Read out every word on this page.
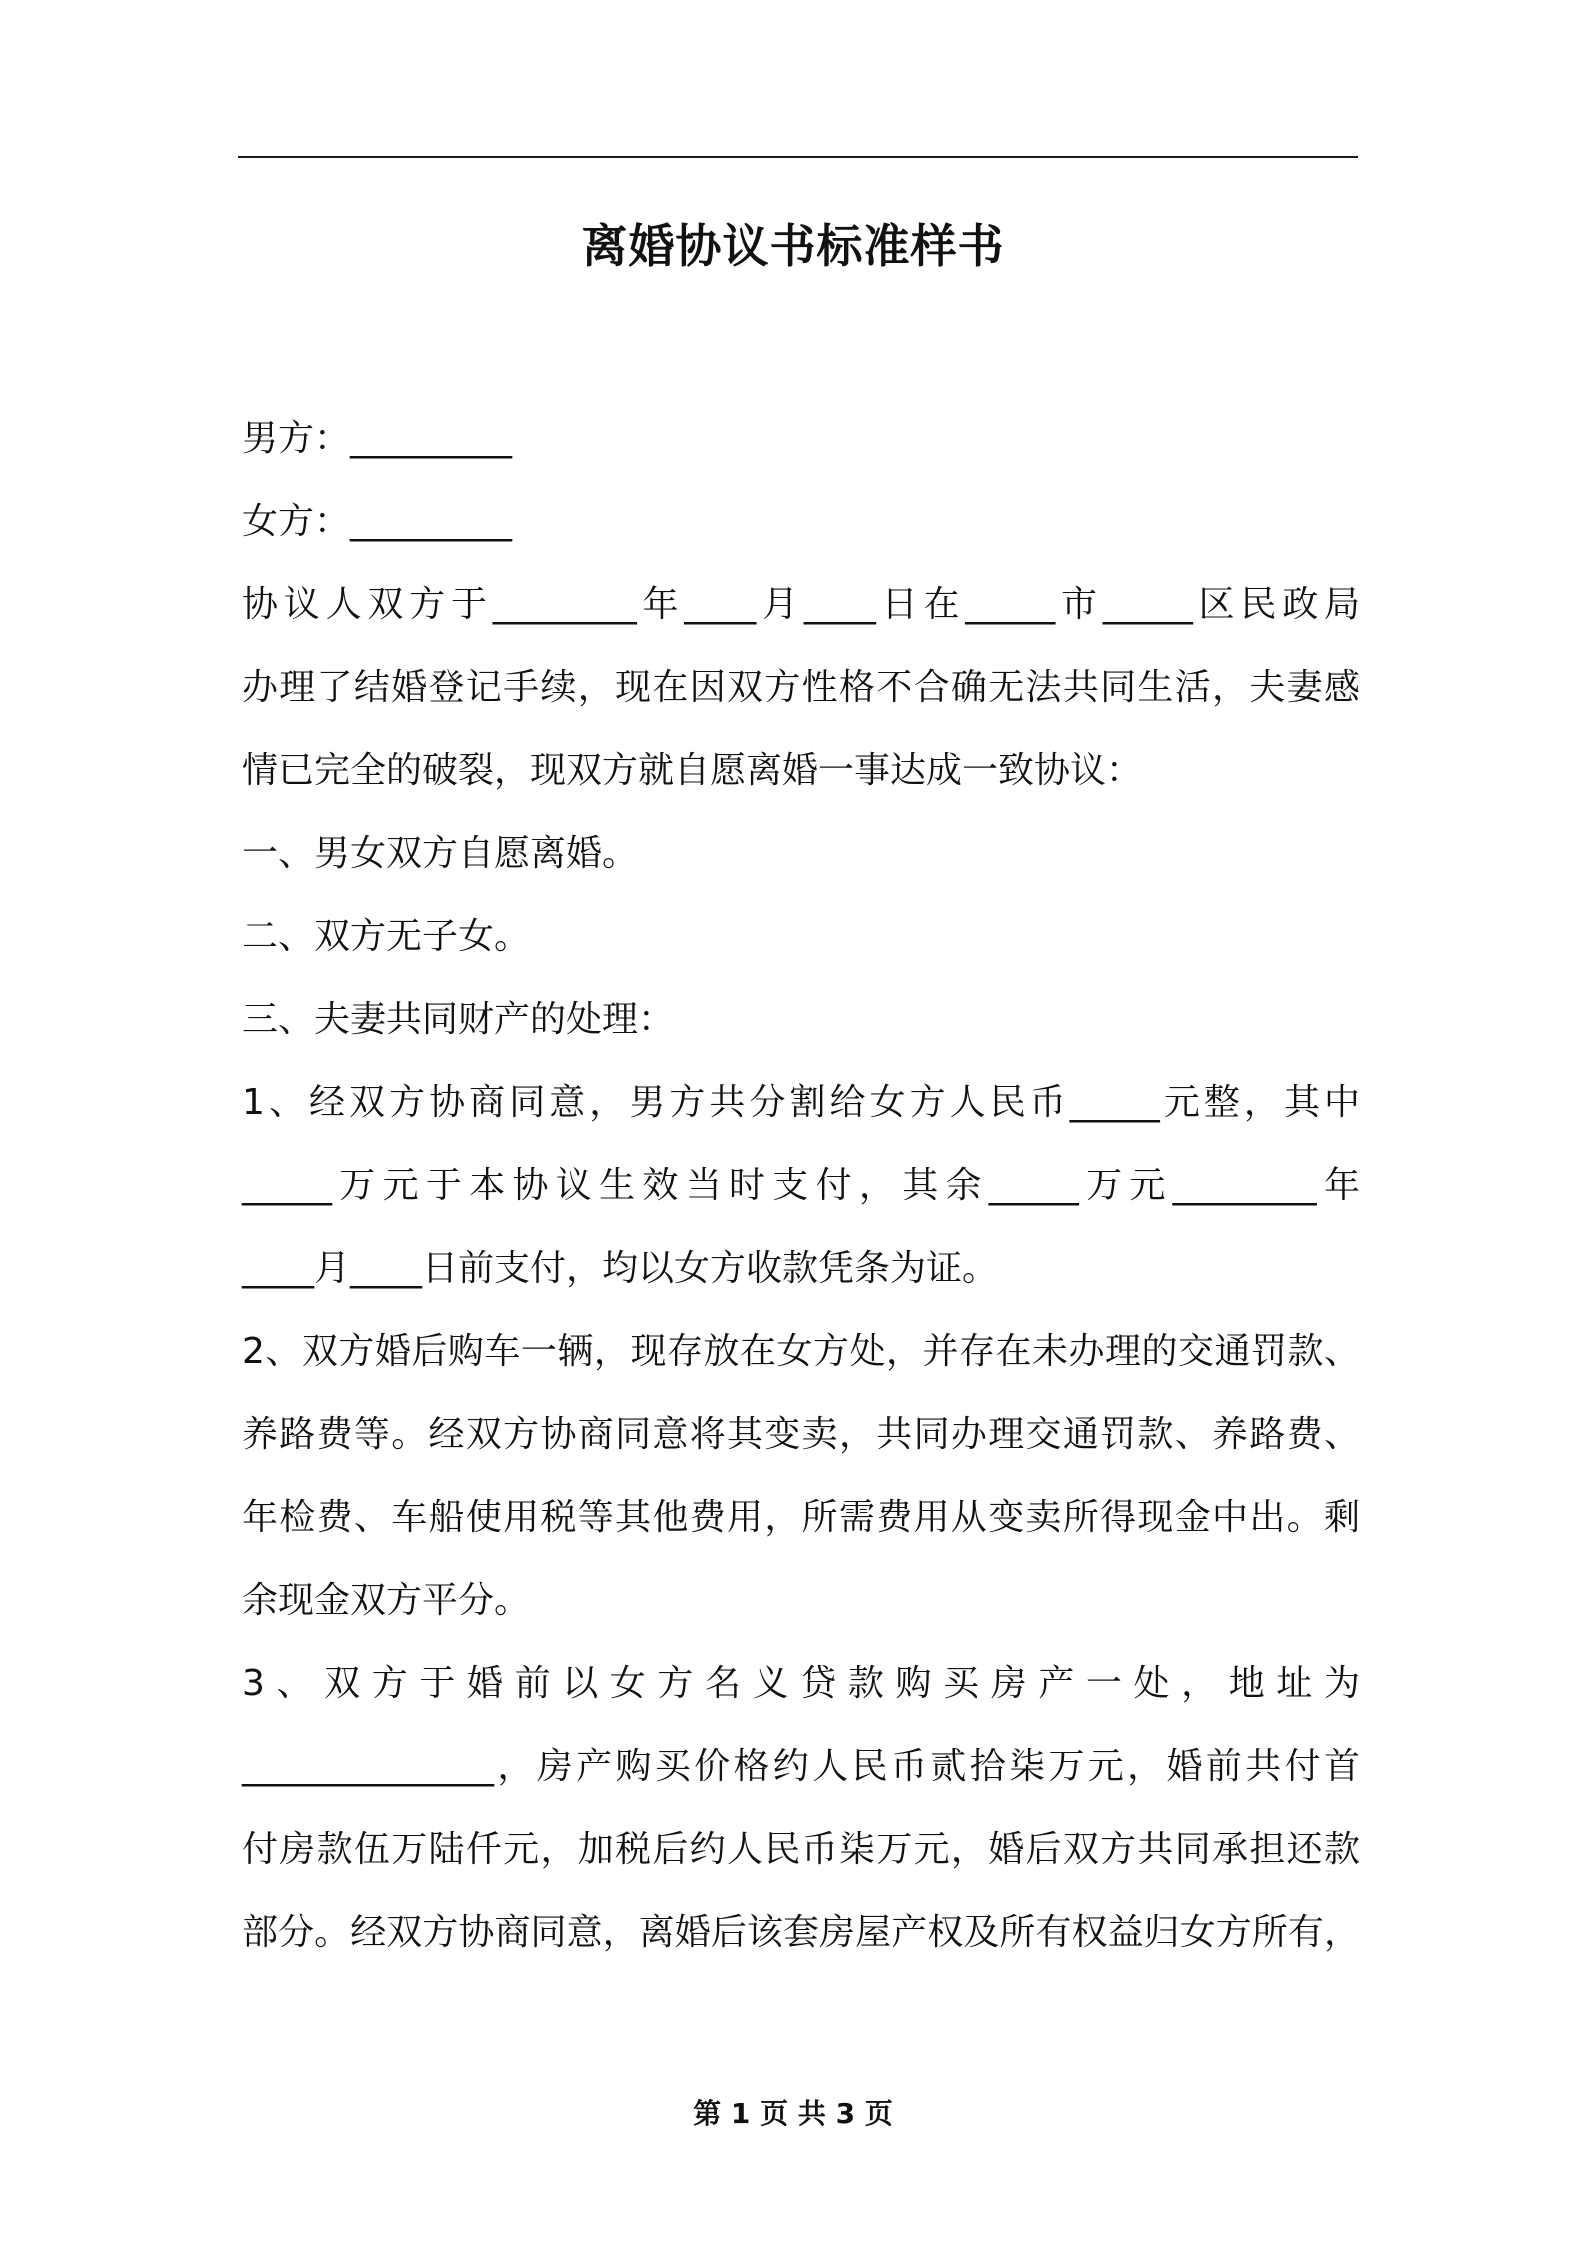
离婚协议书标准样书
男方：_________
女方：_________
协议人双方于________年____月____日在_____市_____区民政局
办理了结婚登记手续，现在因双方性格不合确无法共同生活，夫妻感
情已完全的破裂，现双方就自愿离婚一事达成一致协议：
一、男女双方自愿离婚。
二、双方无子女。
三、夫妻共同财产的处理：
1、经双方协商同意，男方共分割给女方人民币_____元整，其中
_____万元于本协议生效当时支付，其余_____万元________年
____月____日前支付，均以女方收款凭条为证。
2、双方婚后购车一辆，现存放在女方处，并存在未办理的交通罚款、
养路费等。经双方协商同意将其变卖，共同办理交通罚款、养路费、
年检费、车船使用税等其他费用，所需费用从变卖所得现金中出。剩
余现金双方平分。
3、双方于婚前以女方名义贷款购买房产一处，地址为
______________，房产购买价格约人民币贰拾柒万元，婚前共付首
付房款伍万陆仟元，加税后约人民币柒万元，婚后双方共同承担还款
部分。经双方协商同意，离婚后该套房屋产权及所有权益归女方所有，
第 1 页 共 3 页
